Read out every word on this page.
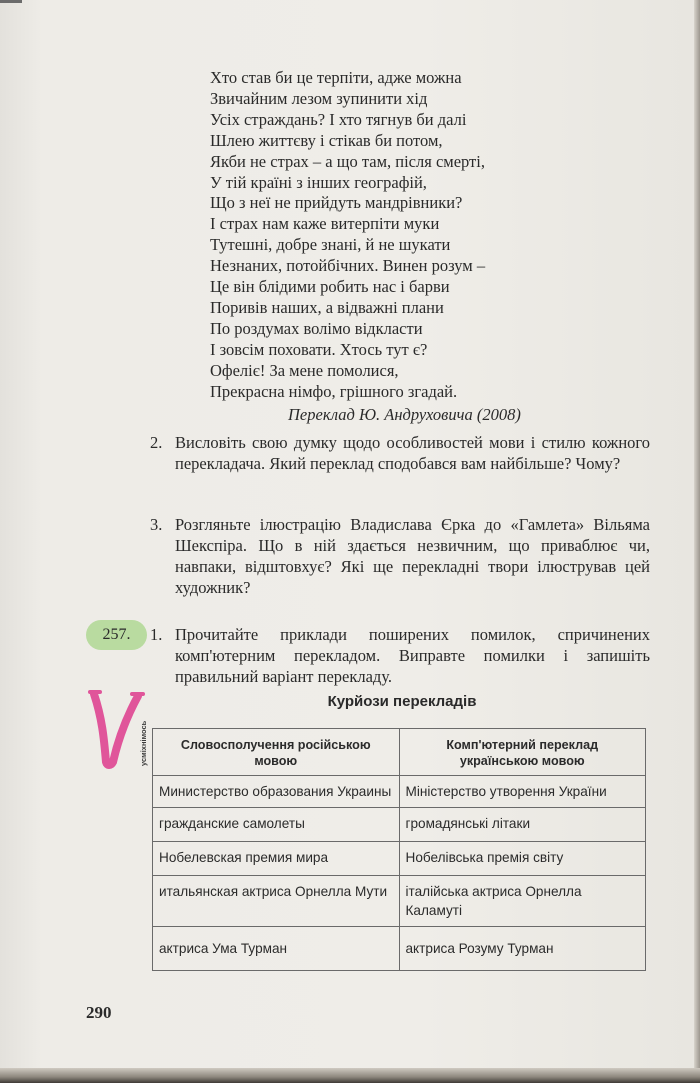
Хто став би це терпіти, адже можна
Звичайним лезом зупинити хід
Усіх страждань? І хто тягнув би далі
Шлею життєву і стікав би потом,
Якби не страх – а що там, після смерті,
У тій країні з інших географій,
Що з неї не прийдуть мандрівники?
І страх нам каже витерпіти муки
Тутешні, добре знані, й не шукати
Незнаних, потойбічних. Винен розум –
Це він блідими робить нас і барви
Поривів наших, а відважні плани
По роздумах волімо відкласти
І зовсім поховати. Хтось тут є?
Офеліє! За мене помолися,
Прекрасна німфо, грішного згадай.
Переклад Ю. Андруховича (2008)
2. Висловіть свою думку щодо особливостей мови і стилю кожного перекладача. Який переклад сподобався вам найбільше? Чому?
3. Розгляньте ілюстрацію Владислава Єрка до «Гамлета» Вільяма Шекспіра. Що в ній здається незвичним, що приваблює чи, навпаки, відштовхує? Які ще перекладні твори ілюстрував цей художник?
257.	1. Прочитайте приклади поширених помилок, спричинених комп'ютерним перекладом. Виправте помилки і запишіть правильний варіант перекладу.
усміхнімось
Курйози перекладів
Словосполучення російською мовою	Комп'ютерний переклад українською мовою
Министерство образования Украины	Міністерство утворення України
гражданские самолеты	громадянські літаки
Нобелевская премия мира	Нобелівська премія світу
итальянская актриса Орнелла Мути	італійська актриса Орнелла Каламуті
актриса Ума Турман	актриса Розуму Турман
290
